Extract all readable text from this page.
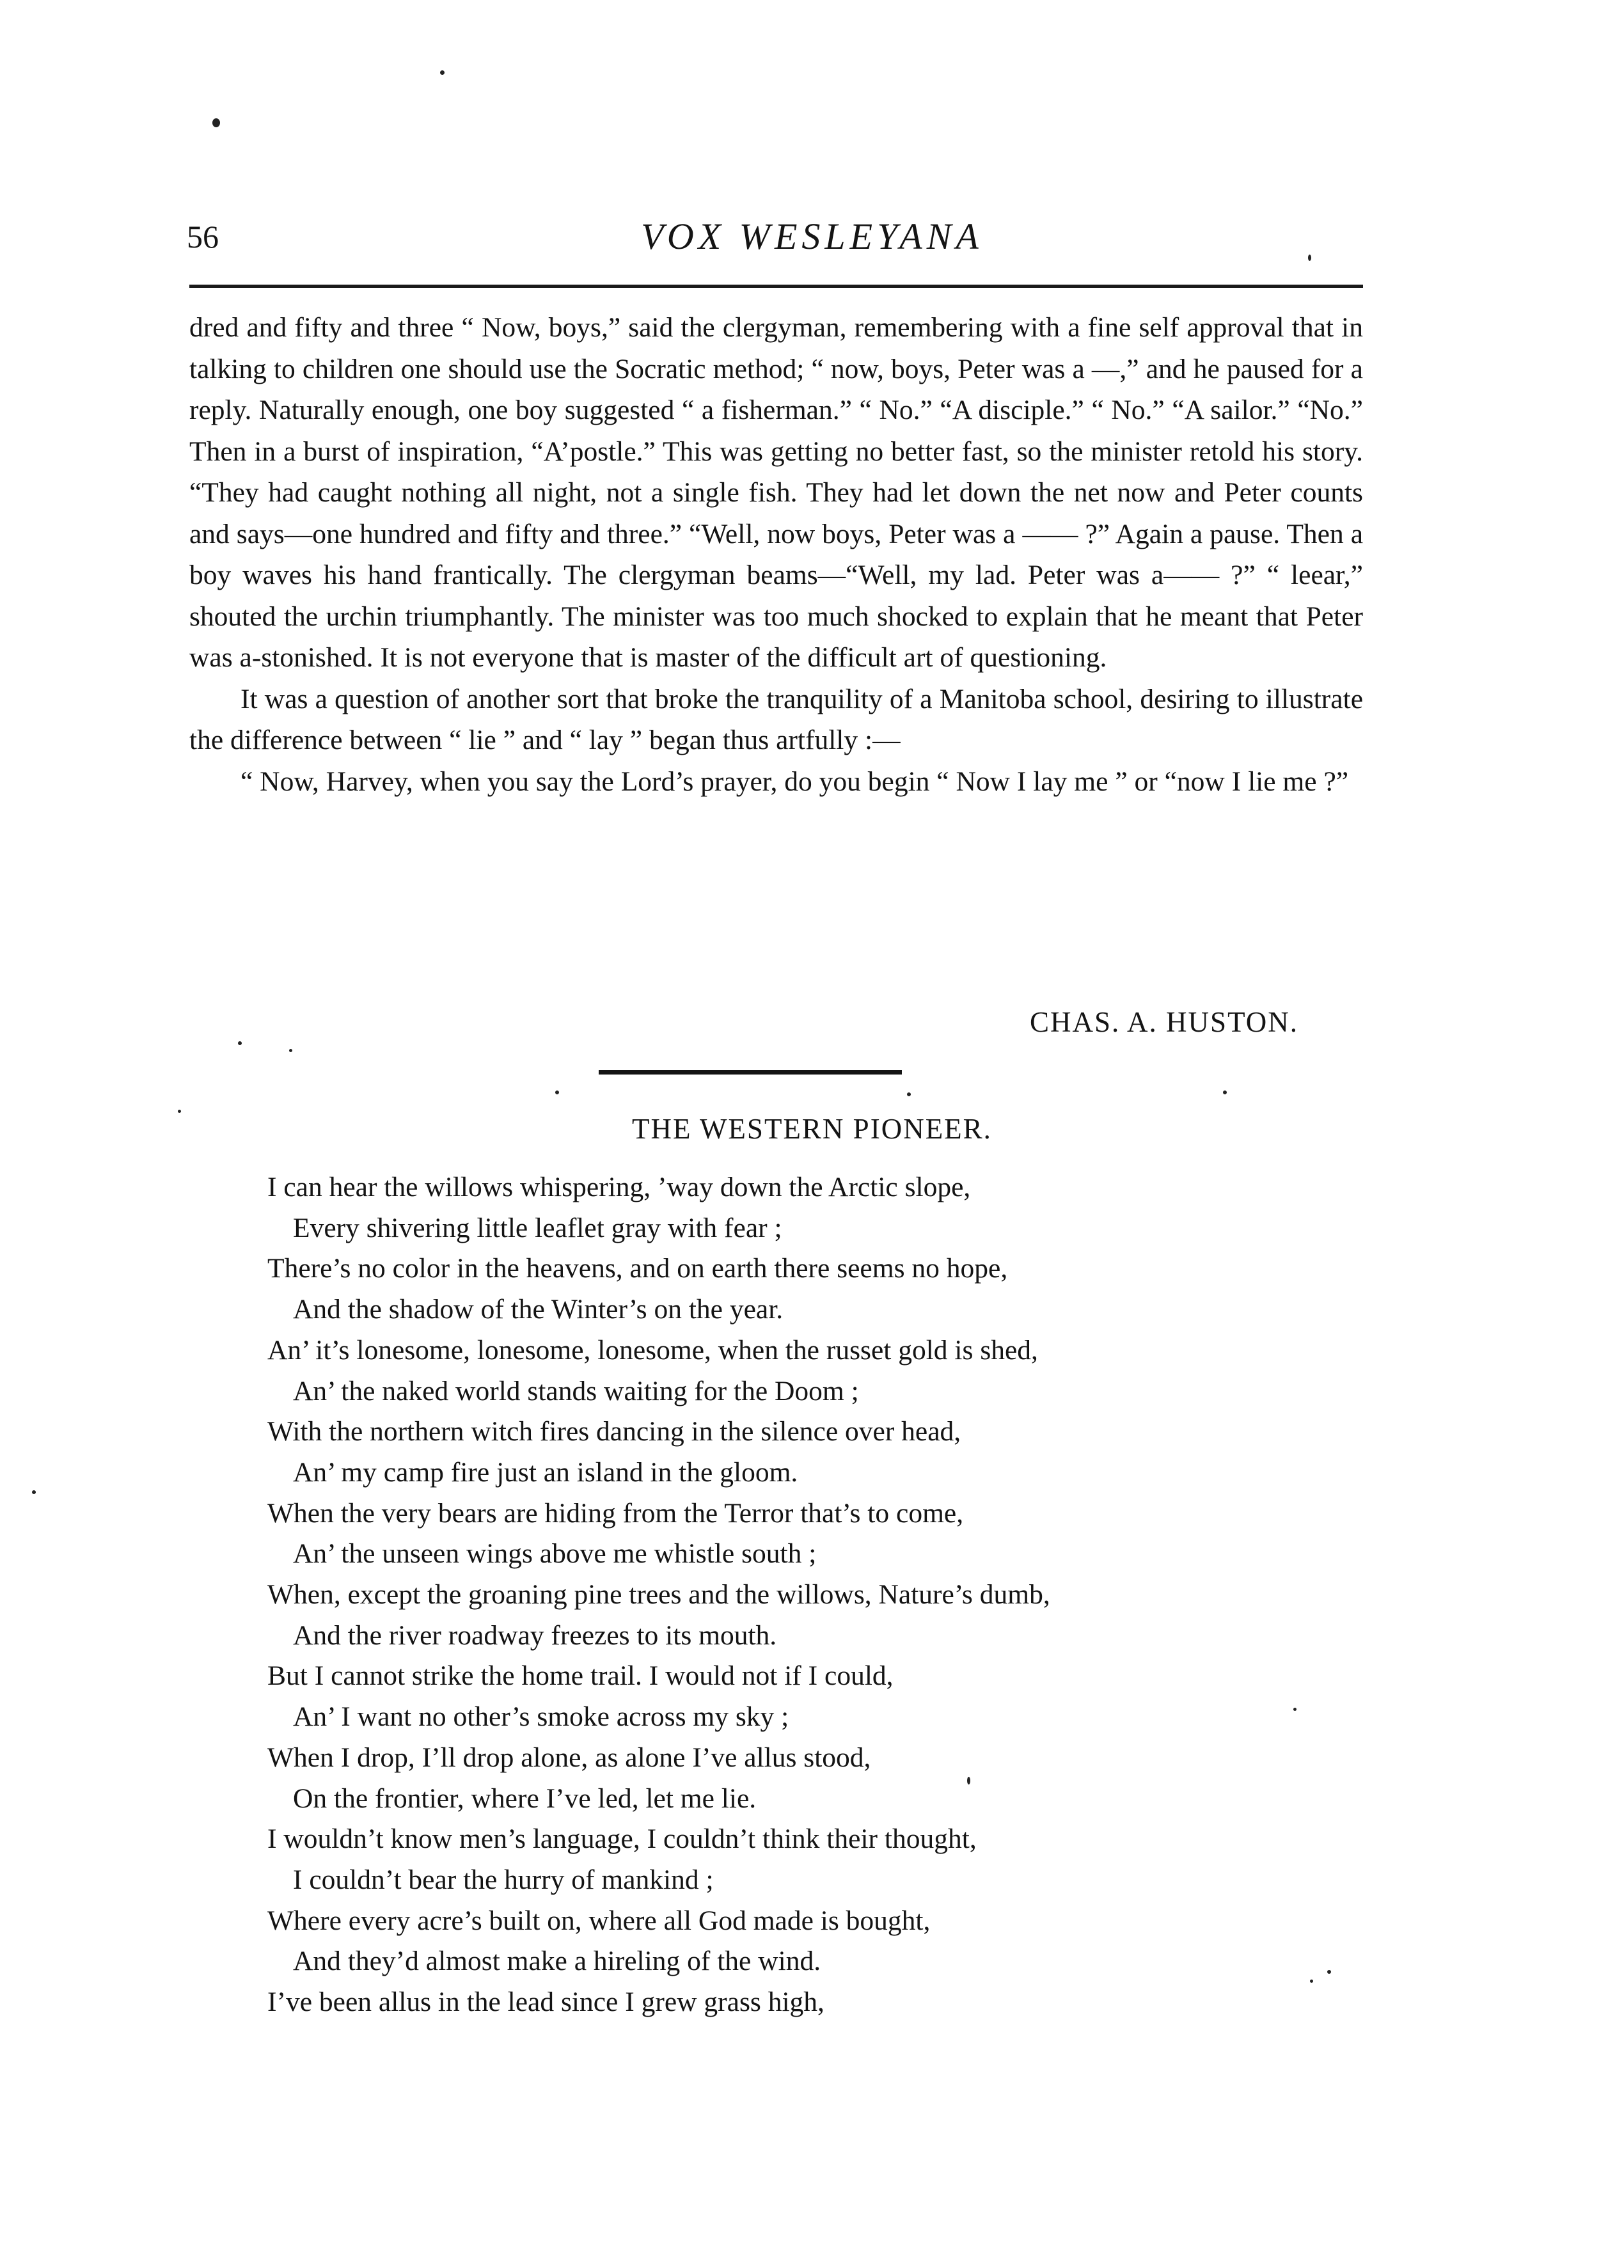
56	VOX WESLEYANA

dred and fifty and three “ Now, boys,” said the clergyman, remembering with a fine self approval that in talking to children one should use the Socratic method; “ now, boys, Peter was a —,” and he paused for a reply. Naturally enough, one boy suggested “ a fisherman.” “ No.” “A disciple.” “ No.” “A sailor.” “No.” Then in a burst of inspiration, “A’postle.” This was getting no better fast, so the minister retold his story. “They had caught nothing all night, not a single fish. They had let down the net now and Peter counts and says—one hundred and fifty and three.” “Well, now boys, Peter was a —— ?” Again a pause. Then a boy waves his hand frantically. The clergyman beams—“Well, my lad. Peter was a—— ?” “ leear,” shouted the urchin triumphantly. The minister was too much shocked to explain that he meant that Peter was a-stonished. It is not everyone that is master of the difficult art of questioning.

It was a question of another sort that broke the tranquility of a Manitoba school, desiring to illustrate the difference between “ lie ” and “ lay ” began thus artfully :—

“ Now, Harvey, when you say the Lord’s prayer, do you begin “ Now I lay me ” or “now I lie me ?”

CHAS. A. HUSTON.
THE WESTERN PIONEER.
I can hear the willows whispering, ’way down the Arctic slope,
Every shivering little leaflet gray with fear ;
There’s no color in the heavens, and on earth there seems no hope,
And the shadow of the Winter’s on the year.
An’ it’s lonesome, lonesome, lonesome, when the russet gold is shed,
An’ the naked world stands waiting for the Doom ;
With the northern witch fires dancing in the silence over head,
An’ my camp fire just an island in the gloom.
When the very bears are hiding from the Terror that’s to come,
An’ the unseen wings above me whistle south ;
When, except the groaning pine trees and the willows, Nature’s dumb,
And the river roadway freezes to its mouth.
But I cannot strike the home trail. I would not if I could,
An’ I want no other’s smoke across my sky ;
When I drop, I’ll drop alone, as alone I’ve allus stood,
On the frontier, where I’ve led, let me lie.
I wouldn’t know men’s language, I couldn’t think their thought,
I couldn’t bear the hurry of mankind ;
Where every acre’s built on, where all God made is bought,
And they’d almost make a hireling of the wind.
I’ve been allus in the lead since I grew grass high,
